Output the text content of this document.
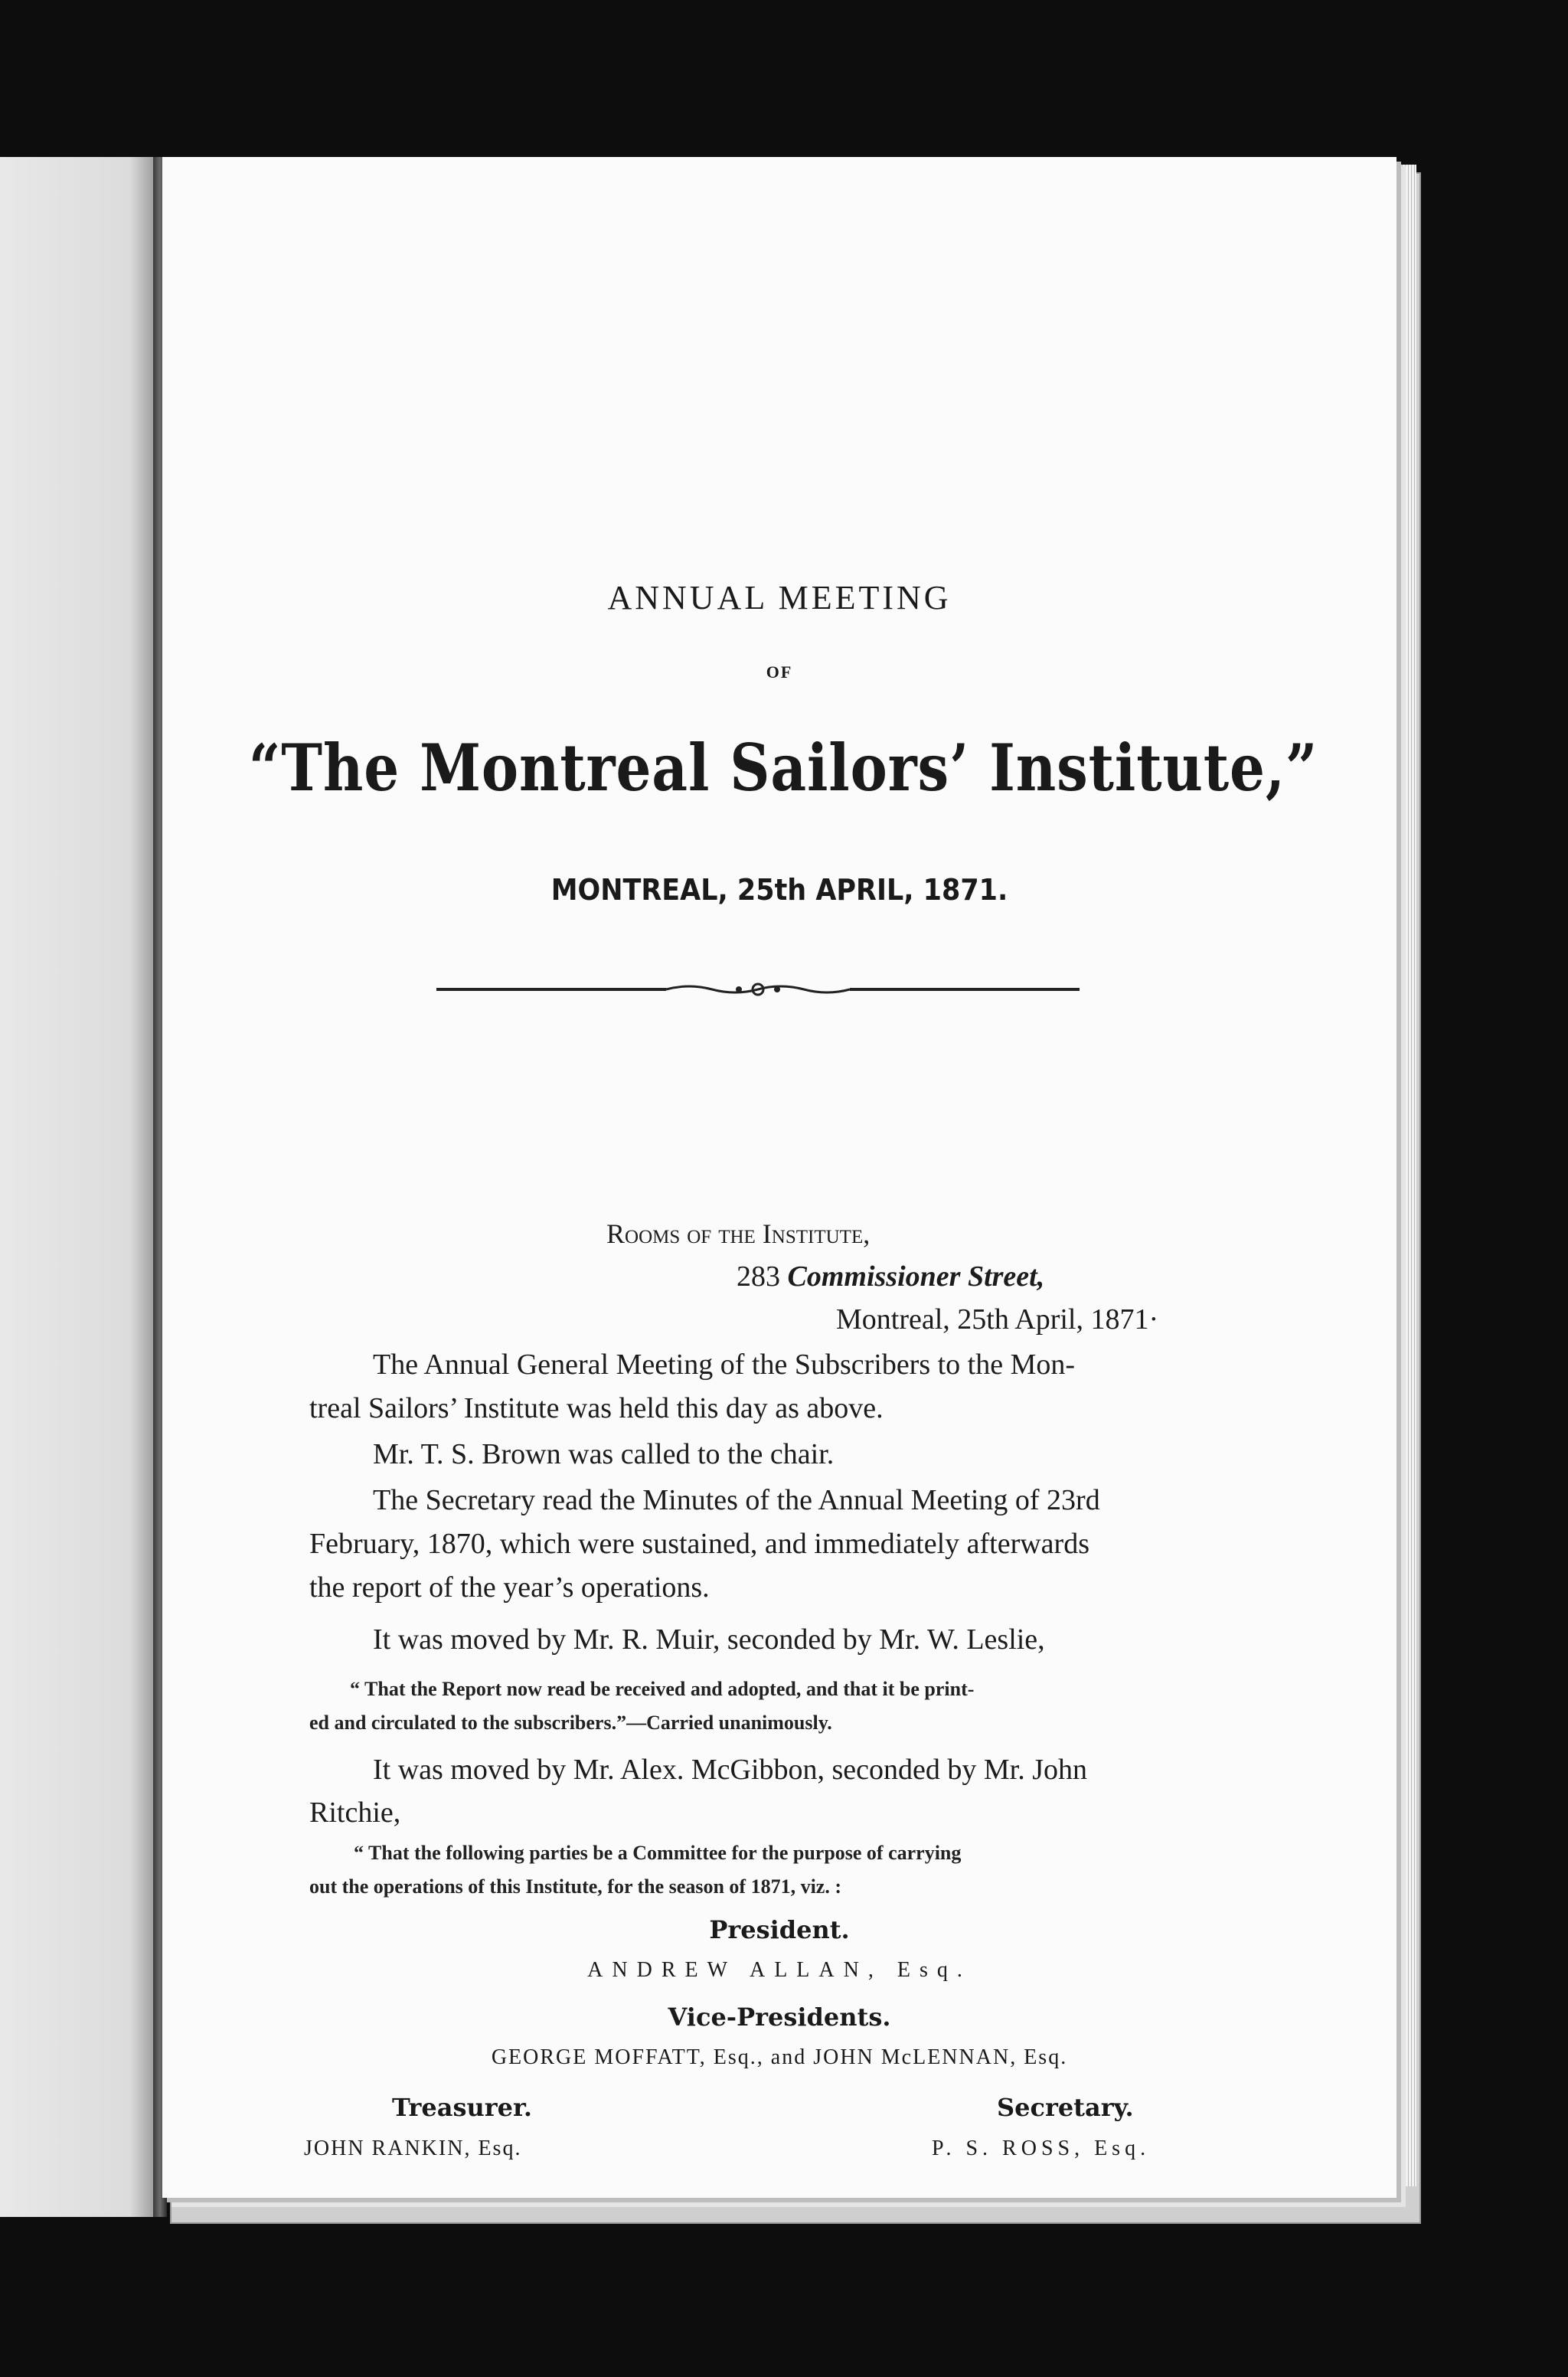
ANNUAL MEETING
OF
“The Montreal Sailors’ Institute,”
MONTREAL, 25th APRIL, 1871.
Rooms of the Institute,
283 Commissioner Street,
Montreal, 25th April, 1871·
The Annual General Meeting of the Subscribers to the Mon-
treal Sailors’ Institute was held this day as above.
Mr. T. S. Brown was called to the chair.
The Secretary read the Minutes of the Annual Meeting of 23rd
February, 1870, which were sustained, and immediately afterwards
the report of the year’s operations.
It was moved by Mr. R. Muir, seconded by Mr. W. Leslie,
“ That the Report now read be received and adopted, and that it be print-
ed and circulated to the subscribers.”—Carried unanimously.
It was moved by Mr. Alex. McGibbon, seconded by Mr. John
Ritchie,
“ That the following parties be a Committee for the purpose of carrying
out the operations of this Institute, for the season of 1871, viz. :
President.
ANDREW ALLAN, Esq.
Vice-Presidents.
GEORGE MOFFATT, Esq., and JOHN McLENNAN, Esq.
Treasurer.
JOHN RANKIN, Esq.
Secretary.
P. S. ROSS, Esq.
